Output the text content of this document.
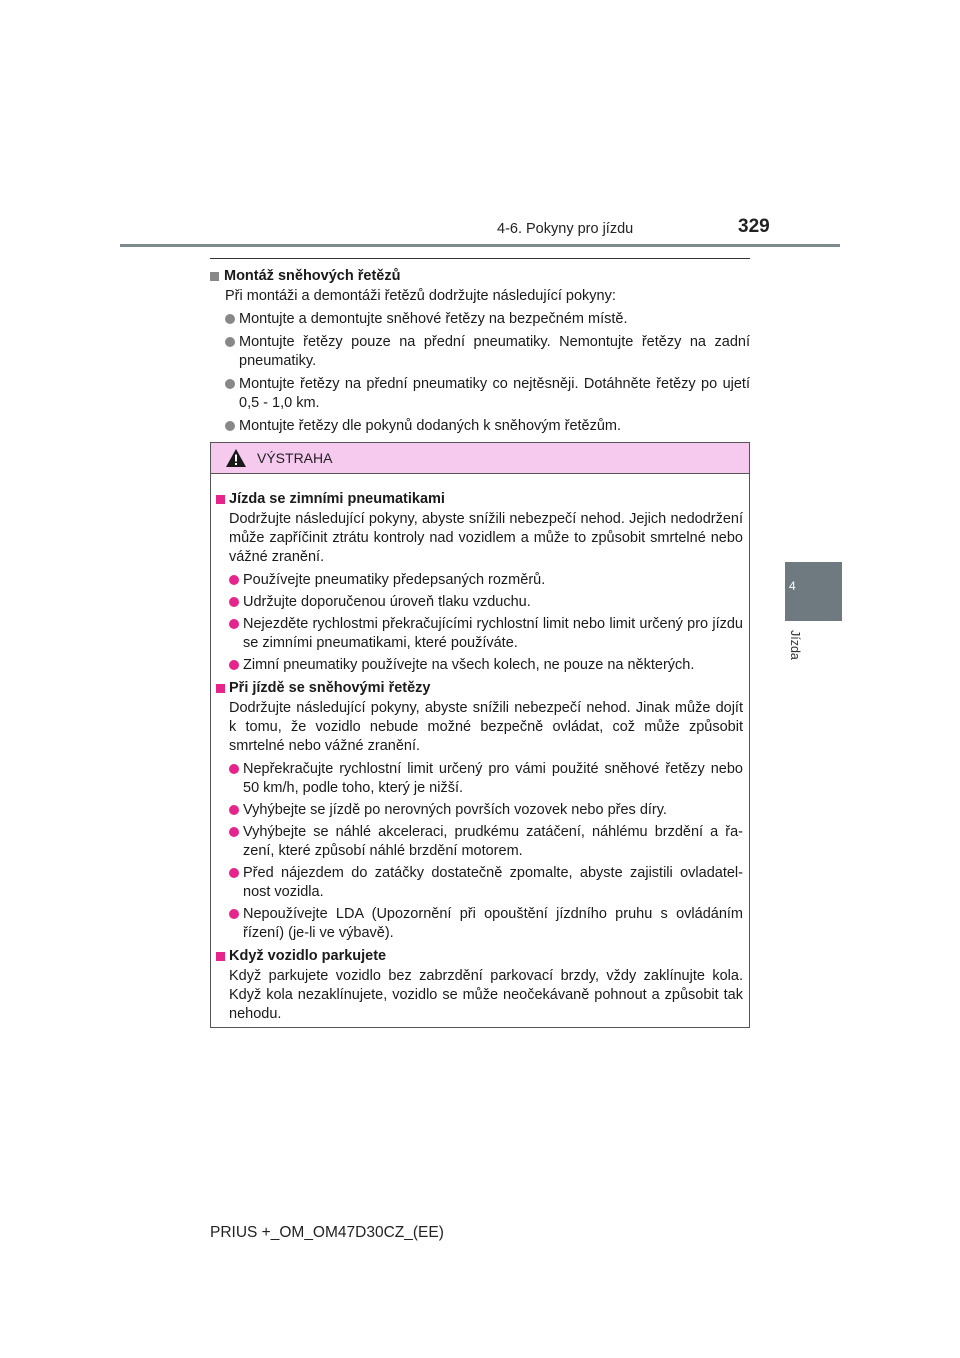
4-6. Pokyny pro jízdu	329
4
Jízda
Montáž sněhových řetězů
Při montáži a demontáži řetězů dodržujte následující pokyny:
Montujte a demontujte sněhové řetězy na bezpečném místě.
Montujte řetězy pouze na přední pneumatiky. Nemontujte řetězy na zadní pneumatiky.
Montujte řetězy na přední pneumatiky co nejtěsněji. Dotáhněte řetězy po ujetí 0,5 - 1,0 km.
Montujte řetězy dle pokynů dodaných k sněhovým řetězům.
VÝSTRAHA
Jízda se zimními pneumatikami
Dodržujte následující pokyny, abyste snížili nebezpečí nehod. Jejich nedodržení může zapříčinit ztrátu kontroly nad vozidlem a může to způsobit smrtelné nebo vážné zranění.
Používejte pneumatiky předepsaných rozměrů.
Udržujte doporučenou úroveň tlaku vzduchu.
Nejezděte rychlostmi překračujícími rychlostní limit nebo limit určený pro jízdu se zimními pneumatikami, které používáte.
Zimní pneumatiky používejte na všech kolech, ne pouze na některých.
Při jízdě se sněhovými řetězy
Dodržujte následující pokyny, abyste snížili nebezpečí nehod. Jinak může dojít k tomu, že vozidlo nebude možné bezpečně ovládat, což může způsobit smrtelné nebo vážné zranění.
Nepřekračujte rychlostní limit určený pro vámi použité sněhové řetězy nebo 50 km/h, podle toho, který je nižší.
Vyhýbejte se jízdě po nerovných površích vozovek nebo přes díry.
Vyhýbejte se náhlé akceleraci, prudkému zatáčení, náhlému brzdění a řa-zení, které způsobí náhlé brzdění motorem.
Před nájezdem do zatáčky dostatečně zpomalte, abyste zajistili ovladatel-nost vozidla.
Nepoužívejte LDA (Upozornění při opouštění jízdního pruhu s ovládáním řízení) (je-li ve výbavě).
Když vozidlo parkujete
Když parkujete vozidlo bez zabrzdění parkovací brzdy, vždy zaklínujte kola. Když kola nezaklínujete, vozidlo se může neočekávaně pohnout a způsobit tak nehodu.
PRIUS +_OM_OM47D30CZ_(EE)
